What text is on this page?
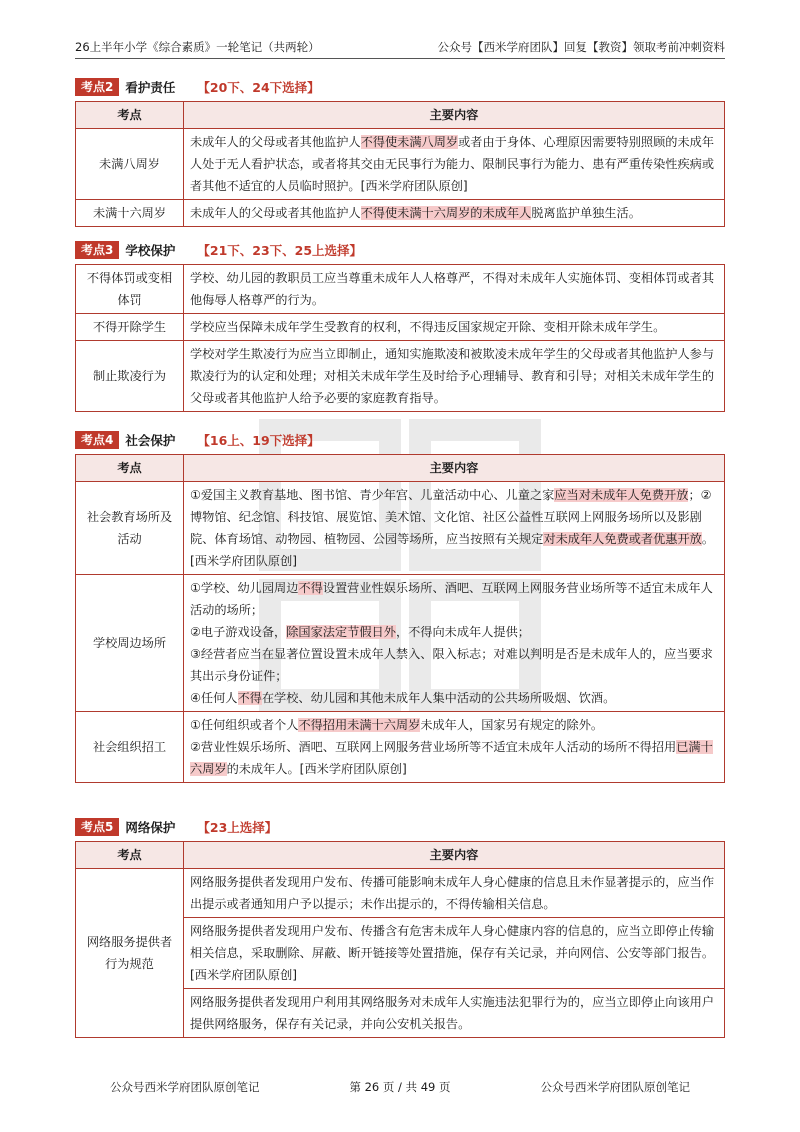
26上半年小学《综合素质》一轮笔记（共两轮）	公众号【西米学府团队】回复【教资】领取考前冲刺资料
考点2 看护责任 【20下、24下选择】
考点	主要内容
未满八周岁	未成年人的父母或者其他监护人不得使未满八周岁或者由于身体、心理原因需要特别照顾的未成年人处于无人看护状态，或者将其交由无民事行为能力、限制民事行为能力、患有严重传染性疾病或者其他不适宜的人员临时照护。[西米学府团队原创]
未满十六周岁	未成年人的父母或者其他监护人不得使未满十六周岁的未成年人脱离监护单独生活。
考点3 学校保护 【21下、23下、25上选择】
不得体罚或变相体罚	学校、幼儿园的教职员工应当尊重未成年人人格尊严，不得对未成年人实施体罚、变相体罚或者其他侮辱人格尊严的行为。
不得开除学生	学校应当保障未成年学生受教育的权利，不得违反国家规定开除、变相开除未成年学生。
制止欺凌行为	学校对学生欺凌行为应当立即制止，通知实施欺凌和被欺凌未成年学生的父母或者其他监护人参与欺凌行为的认定和处理；对相关未成年学生及时给予心理辅导、教育和引导；对相关未成年学生的父母或者其他监护人给予必要的家庭教育指导。
考点4 社会保护 【16上、19下选择】
考点	主要内容
社会教育场所及活动	①爱国主义教育基地、图书馆、青少年宫、儿童活动中心、儿童之家应当对未成年人免费开放；②博物馆、纪念馆、科技馆、展览馆、美术馆、文化馆、社区公益性互联网上网服务场所以及影剧院、体育场馆、动物园、植物园、公园等场所，应当按照有关规定对未成年人免费或者优惠开放。[西米学府团队原创]
学校周边场所	①学校、幼儿园周边不得设置营业性娱乐场所、酒吧、互联网上网服务营业场所等不适宜未成年人活动的场所；
②电子游戏设备，除国家法定节假日外，不得向未成年人提供；
③经营者应当在显著位置设置未成年人禁入、限入标志；对难以判明是否是未成年人的，应当要求其出示身份证件；
④任何人不得在学校、幼儿园和其他未成年人集中活动的公共场所吸烟、饮酒。

社会组织招工	①任何组织或者个人不得招用未满十六周岁未成年人，国家另有规定的除外。
②营业性娱乐场所、酒吧、互联网上网服务营业场所等不适宜未成年人活动的场所不得招用已满十六周岁的未成年人。[西米学府团队原创]
考点5 网络保护 【23上选择】
考点	主要内容
网络服务提供者行为规范	网络服务提供者发现用户发布、传播可能影响未成年人身心健康的信息且未作显著提示的，应当作出提示或者通知用户予以提示；未作出提示的，不得传输相关信息。
	网络服务提供者发现用户发布、传播含有危害未成年人身心健康内容的信息的，应当立即停止传输相关信息，采取删除、屏蔽、断开链接等处置措施，保存有关记录，并向网信、公安等部门报告。[西米学府团队原创]
	网络服务提供者发现用户利用其网络服务对未成年人实施违法犯罪行为的，应当立即停止向该用户提供网络服务，保存有关记录，并向公安机关报告。
公众号西米学府团队原创笔记	第 26 页 / 共 49 页	公众号西米学府团队原创笔记
